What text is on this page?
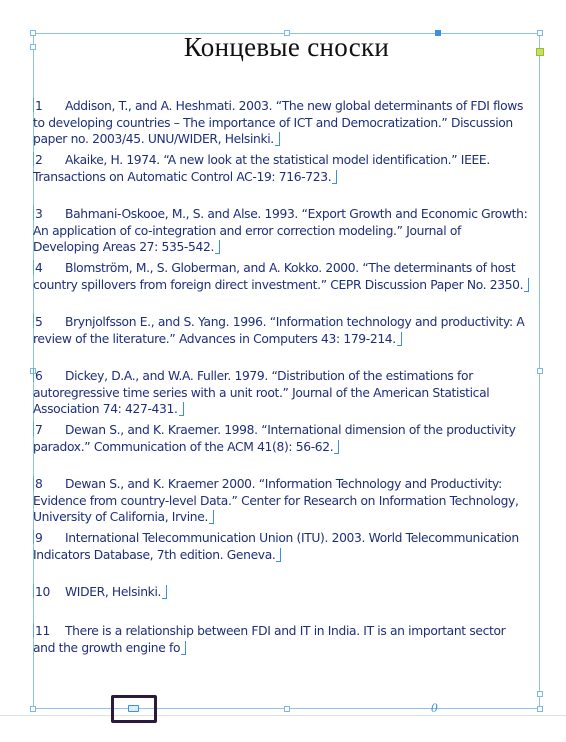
Концевые сноски
1 Addison, T., and A. Heshmati. 2003. “The new global determinants of FDI flows to developing countries – The importance of ICT and Democratization.” Discussion paper no. 2003/45. UNU/WIDER, Helsinki.
2 Akaike, H. 1974. “A new look at the statistical model identification.” IEEE. Transactions on Automatic Control AC-19: 716-723.
3 Bahmani-Oskooe, M., S. and Alse. 1993. “Export Growth and Economic Growth: An application of co-integration and error correction modeling.” Journal of Developing Areas 27: 535-542.
4 Blomström, M., S. Globerman, and A. Kokko. 2000. “The determinants of host country spillovers from foreign direct investment.” CEPR Discussion Paper No. 2350.
5 Brynjolfsson E., and S. Yang. 1996. “Information technology and productivity: A review of the literature.” Advances in Computers 43: 179-214.
6 Dickey, D.A., and W.A. Fuller. 1979. “Distribution of the estimations for autoregressive time series with a unit root.” Journal of the American Statistical Association 74: 427-431.
7 Dewan S., and K. Kraemer. 1998. “International dimension of the productivity paradox.” Communication of the ACM 41(8): 56-62.
8 Dewan S., and K. Kraemer 2000. “Information Technology and Productivity: Evidence from country-level Data.” Center for Research on Information Technology, University of California, Irvine.
9 International Telecommunication Union (ITU). 2003. World Telecommunication Indicators Database, 7th edition. Geneva.
10 WIDER, Helsinki.
11 There is a relationship between FDI and IT in India. IT is an important sector and the growth engine fo
0
